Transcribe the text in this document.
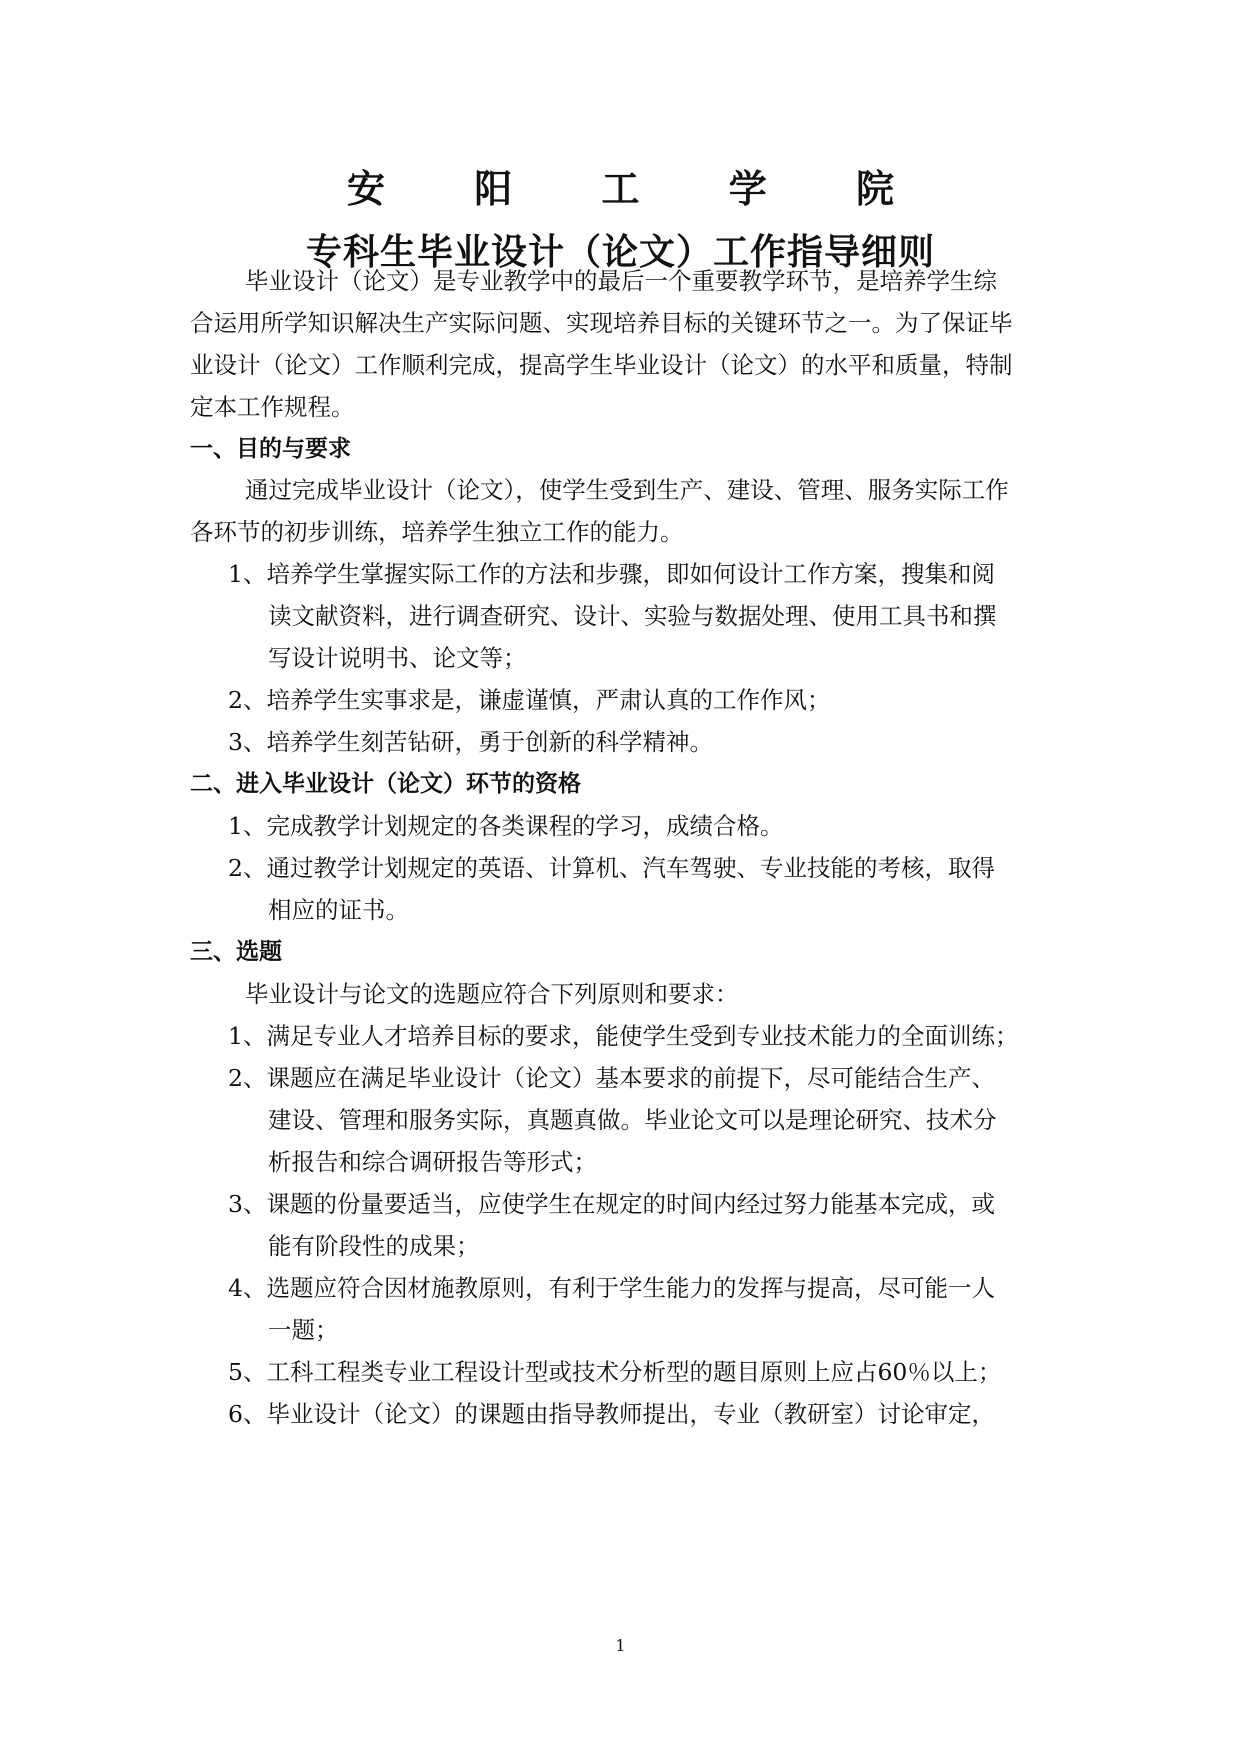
安 阳 工 学 院
专科生毕业设计（论文）工作指导细则
毕业设计（论文）是专业教学中的最后一个重要教学环节，是培养学生综
合运用所学知识解决生产实际问题、实现培养目标的关键环节之一。为了保证毕
业设计（论文）工作顺利完成，提高学生毕业设计（论文）的水平和质量，特制
定本工作规程。
一、目的与要求
通过完成毕业设计（论文），使学生受到生产、建设、管理、服务实际工作
各环节的初步训练，培养学生独立工作的能力。
1、培养学生掌握实际工作的方法和步骤，即如何设计工作方案，搜集和阅
读文献资料，进行调查研究、设计、实验与数据处理、使用工具书和撰
写设计说明书、论文等；
2、培养学生实事求是，谦虚谨慎，严肃认真的工作作风；
3、培养学生刻苦钻研，勇于创新的科学精神。
二、进入毕业设计（论文）环节的资格
1、完成教学计划规定的各类课程的学习，成绩合格。
2、通过教学计划规定的英语、计算机、汽车驾驶、专业技能的考核，取得
相应的证书。
三、选题
毕业设计与论文的选题应符合下列原则和要求：
1、满足专业人才培养目标的要求，能使学生受到专业技术能力的全面训练；
2、课题应在满足毕业设计（论文）基本要求的前提下，尽可能结合生产、
建设、管理和服务实际，真题真做。毕业论文可以是理论研究、技术分
析报告和综合调研报告等形式；
3、课题的份量要适当，应使学生在规定的时间内经过努力能基本完成，或
能有阶段性的成果；
4、选题应符合因材施教原则，有利于学生能力的发挥与提高，尽可能一人
一题；
5、工科工程类专业工程设计型或技术分析型的题目原则上应占60％以上；
6、毕业设计（论文）的课题由指导教师提出，专业（教研室）讨论审定，
1
